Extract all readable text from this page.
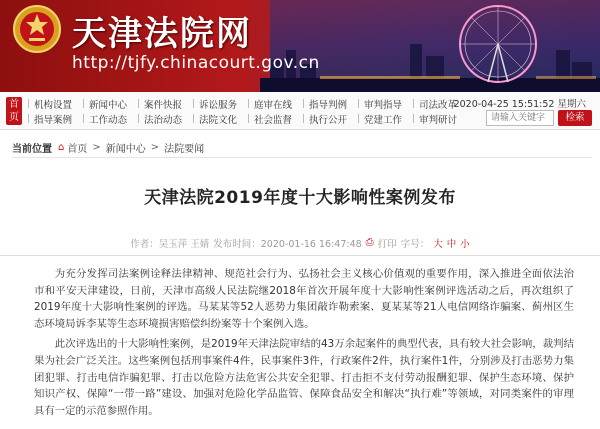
天津法院网
http://tjfy.chinacourt.gov.cn
首页
机构设置 新闻中心 案件快报 诉讼服务 庭审在线 指导判例 审判指导 司法改革
指导案例 工作动态 法治动态 法院文化 社会监督 执行公开 党建工作 审判研讨
2020-04-25 15:51:52 星期六
请输入关键字
检索
当前位置 ⌂ 首页 > 新闻中心 > 法院要闻
天津法院2019年度十大影响性案例发布
作者：吴玉萍 王婧 发布时间：2020-01-16 16:47:48 ⎙ 打印 字号： 大 中 小

为充分发挥司法案例诠释法律精神、规范社会行为、弘扬社会主义核心价值观的重要作用，深入推进全面依法治市和平安天津建设，日前，天津市高级人民法院继2018年首次开展年度十大影响性案例评选活动之后，再次组织了2019年度十大影响性案例的评选。马某某等52人恶势力集团敲诈勒索案、夏某某等21人电信网络诈骗案、蓟州区生态环境局诉李某等生态环境损害赔偿纠纷案等十个案例入选。

此次评选出的十大影响性案例，是2019年天津法院审结的43万余起案件的典型代表，具有较大社会影响，裁判结果为社会广泛关注。这些案例包括刑事案件4件，民事案件3件，行政案件2件，执行案件1件，分别涉及打击恶势力集团犯罪、打击电信诈骗犯罪、打击以危险方法危害公共安全犯罪、打击拒不支付劳动报酬犯罪、保护生态环境、保护知识产权、保障“一带一路”建设、加强对危险化学品监管、保障食品安全和解决“执行难”等领域，对同类案件的审理具有一定的示范参照作用。
